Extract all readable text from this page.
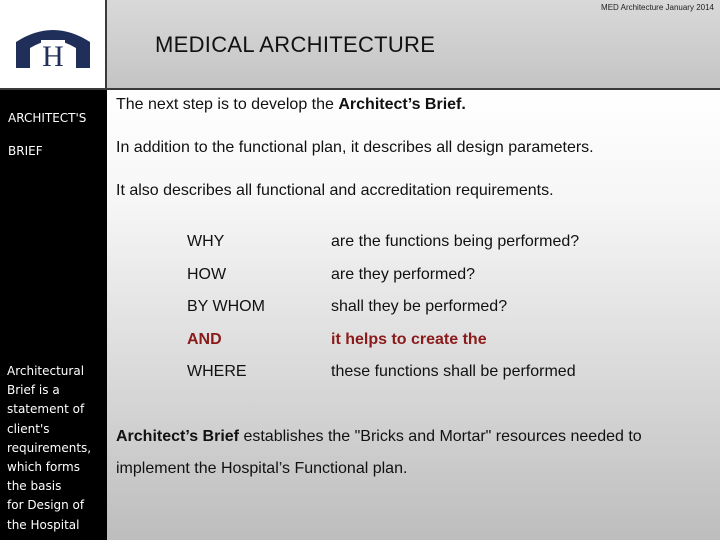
H
MED Architecture January 2014
MEDICAL ARCHITECTURE
ARCHITECT'S
BRIEF
Architectural
Brief is a
statement of
client's
requirements,
which forms
the basis
for Design of
the Hospital
The next step is to develop the Architect’s Brief.
In addition to the functional plan, it describes all design parameters.
It also describes all functional and accreditation requirements.
WHY	are the functions being performed?
HOW	are they performed?
BY WHOM	shall they be performed?
AND	it helps to create the
WHERE	these functions shall be performed
Architect’s Brief establishes the "Bricks and Mortar" resources needed to
implement the Hospital’s Functional plan.
